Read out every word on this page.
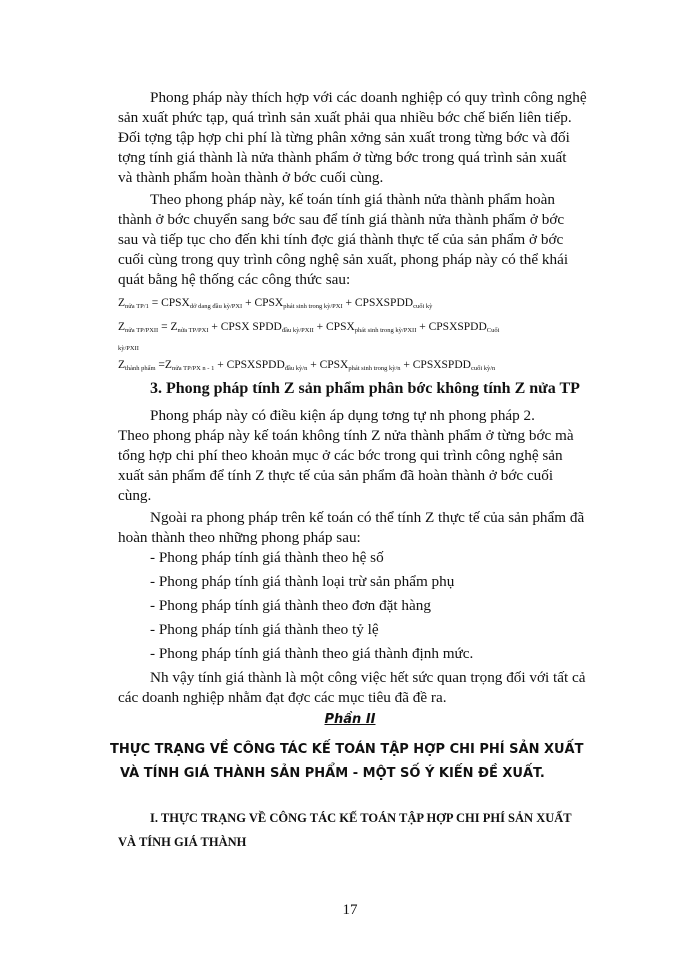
Phong pháp này thích hợp với các doanh nghiệp có quy trình công nghệ
sản xuất phức tạp, quá trình sản xuất phải qua nhiều bớc chế biến liên tiếp.
Đối tợng tập hợp chi phí là từng phân xởng sản xuất trong từng bớc và đối
tợng tính giá thành là nửa thành phẩm ở từng bớc trong quá trình sản xuất
và thành phẩm hoàn thành ở bớc cuối cùng.
Theo phong pháp này, kế toán tính giá thành nửa thành phẩm hoàn
thành ở bớc chuyển sang bớc sau để tính giá thành nửa thành phẩm ở bớc
sau và tiếp tục cho đến khi tính đợc giá thành thực tế của sản phẩm ở bớc
cuối cùng trong quy trình công nghệ sản xuất, phong pháp này có thể khái
quát bằng hệ thống các công thức sau:
$Z_{nửa TP/1}$ = $CPSX_{dở dang đầu kỳ/PXI}$ + $CPSX_{phát sinh trong kỳ/PXI}$ + $CPSXSPDD_{cuối kỳ}$
$Z_{nửa TP/PXII} = Z_{nửa TP/PXI}$ + CPSX $SPDD_{đầu kỳ/PXII}$ + $CPSX_{phát sinh trong kỳ/PXII}$ + $CPSXSPDD_{Cuối}$
$_{kỳ/PXII}$
$Z_{thành phẩm} =Z_{nửa TP/PX n - 1}$ + $CPSXSPDD_{đầu kỳ/n}$ + $CPSX_{phát sinh trong kỳ/n}$ + $CPSXSPDD_{cuối kỳ/n}$
3. Phong pháp tính Z sản phẩm phân bớc không tính Z nửa TP
Phong pháp này có điều kiện áp dụng tơng tự nh phong pháp 2.
Theo phong pháp này kế toán không tính Z nửa thành phẩm ở từng bớc mà
tổng hợp chi phí theo khoản mục ở các bớc trong qui trình công nghệ sản
xuất sản phẩm để tính Z thực tế của sản phẩm đã hoàn thành ở bớc cuối
cùng.
Ngoài ra phong pháp trên kế toán có thể tính Z thực tế của sản phẩm đã
hoàn thành theo những phong pháp sau:
- Phong pháp tính giá thành theo hệ số
- Phong pháp tính giá thành loại trừ sản phẩm phụ
- Phong pháp tính giá thành theo đơn đặt hàng
- Phong pháp tính giá thành theo tỷ lệ
- Phong pháp tính giá thành theo giá thành định mức.
Nh vậy tính giá thành là một công việc hết sức quan trọng đối với tất cả
các doanh nghiệp nhằm đạt đợc các mục tiêu đã đề ra.
Phần II
THỰC TRẠNG VỀ CÔNG TÁC KẾ TOÁN TẬP HỢP CHI PHÍ SẢN XUẤT
VÀ TÍNH GIÁ THÀNH SẢN PHẨM - MỘT SỐ Ý KIẾN ĐỀ XUẤT.
I. THỰC TRẠNG VỀ CÔNG TÁC KẾ TOÁN TẬP HỢP CHI PHÍ SẢN XUẤT
VÀ TÍNH GIÁ THÀNH
17
